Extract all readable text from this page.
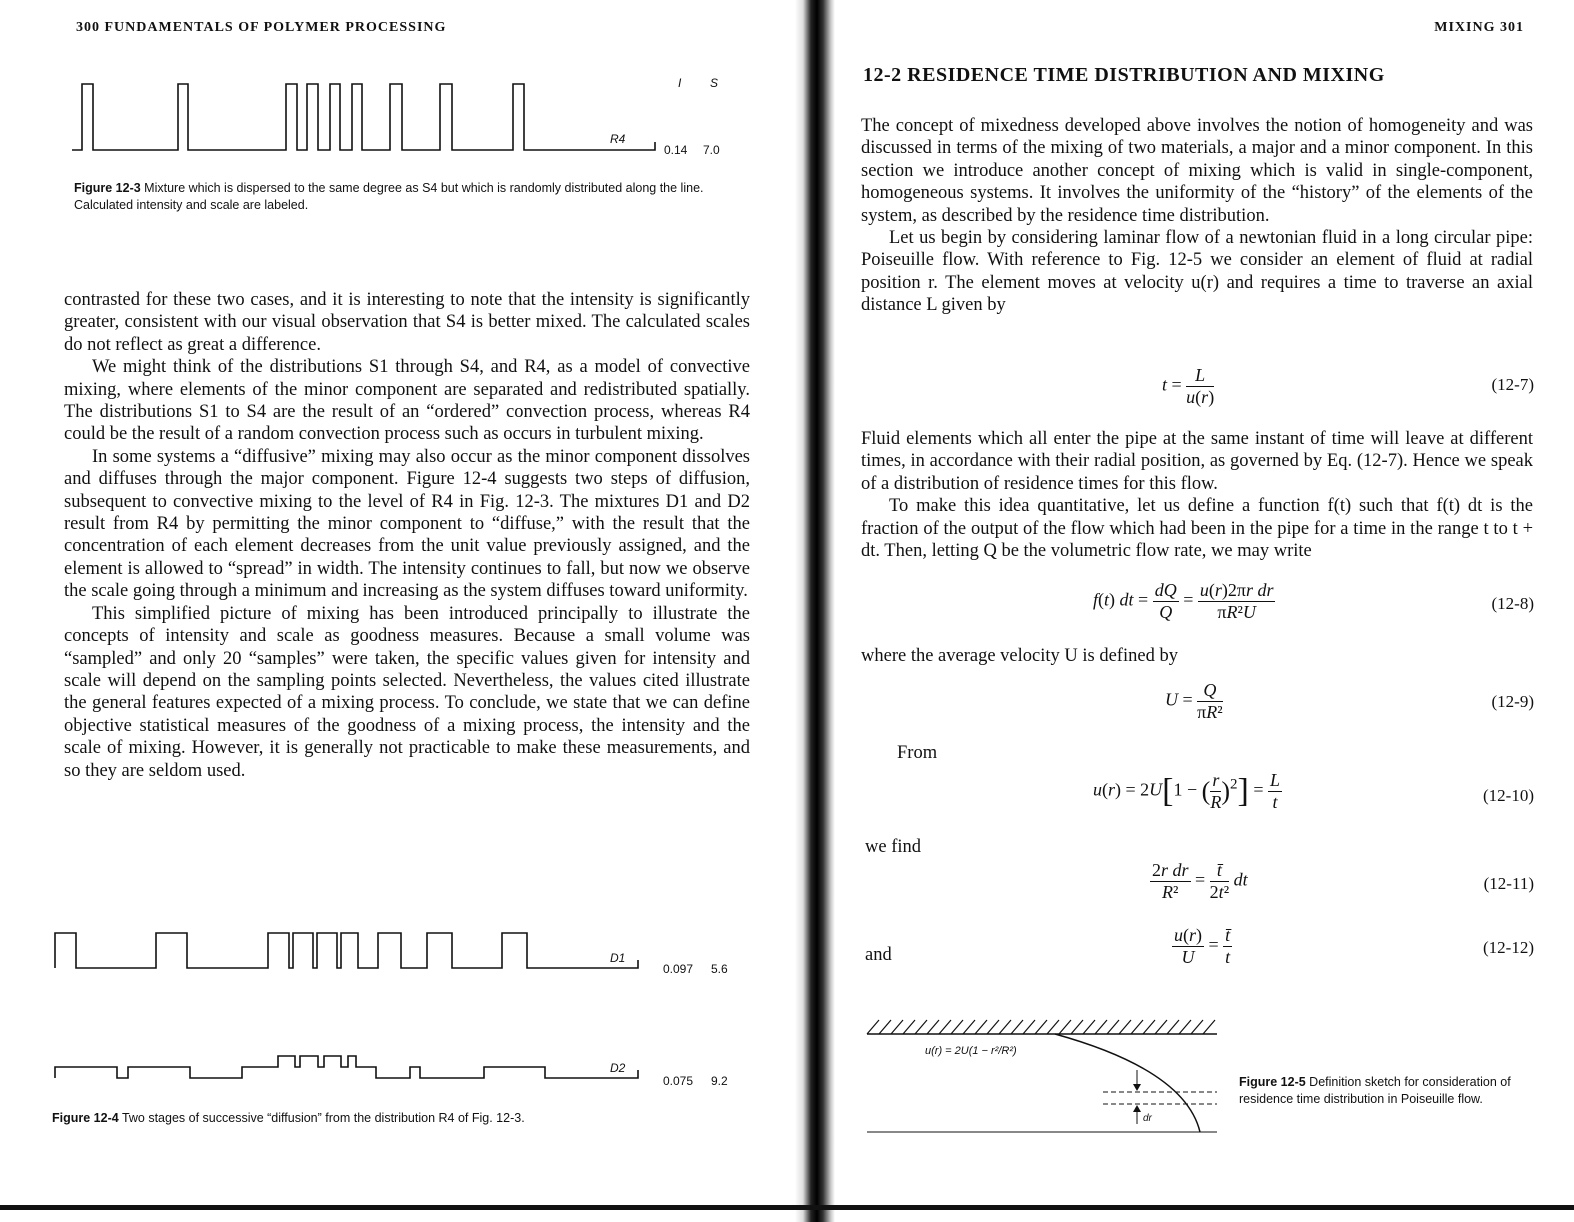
300 FUNDAMENTALS OF POLYMER PROCESSING
I S
R4
0.14 7.0
Figure 12-3 Mixture which is dispersed to the same degree as S4 but which is randomly distributed along the line. Calculated intensity and scale are labeled.

contrasted for these two cases, and it is interesting to note that the intensity is significantly greater, consistent with our visual observation that S4 is better mixed. The calculated scales do not reflect as great a difference.

We might think of the distributions S1 through S4, and R4, as a model of convective mixing, where elements of the minor component are separated and redistributed spatially. The distributions S1 to S4 are the result of an “ordered” convection process, whereas R4 could be the result of a random convection process such as occurs in turbulent mixing.

In some systems a “diffusive” mixing may also occur as the minor component dissolves and diffuses through the major component. Figure 12-4 suggests two steps of diffusion, subsequent to convective mixing to the level of R4 in Fig. 12-3. The mixtures D1 and D2 result from R4 by permitting the minor component to “diffuse,” with the result that the concentration of each element decreases from the unit value previously assigned, and the element is allowed to “spread” in width. The intensity continues to fall, but now we observe the scale going through a minimum and increasing as the system diffuses toward uniformity.

This simplified picture of mixing has been introduced principally to illustrate the concepts of intensity and scale as goodness measures. Because a small volume was “sampled” and only 20 “samples” were taken, the specific values given for intensity and scale will depend on the sampling points selected. Nevertheless, the values cited illustrate the general features expected of a mixing process. To conclude, we state that we can define objective statistical measures of the goodness of a mixing process, the intensity and the scale of mixing. However, it is generally not practicable to make these measurements, and so they are seldom used.

D1
0.097 5.6
D2
0.075 9.2
Figure 12-4 Two stages of successive “diffusion” from the distribution R4 of Fig. 12-3.
MIXING 301
12-2 RESIDENCE TIME DISTRIBUTION AND MIXING

The concept of mixedness developed above involves the notion of homogeneity and was discussed in terms of the mixing of two materials, a major and a minor component. In this section we introduce another concept of mixing which is valid in single-component, homogeneous systems. It involves the uniformity of the “history” of the elements of the system, as described by the residence time distribution.

Let us begin by considering laminar flow of a newtonian fluid in a long circular pipe: Poiseuille flow. With reference to Fig. 12-5 we consider an element of fluid at radial position r. The element moves at velocity u(r) and requires a time to traverse an axial distance L given by

$t = \frac{L}{u(r)}$	(12-7)

Fluid elements which all enter the pipe at the same instant of time will leave at different times, in accordance with their radial position, as governed by Eq. (12-7). Hence we speak of a distribution of residence times for this flow.

To make this idea quantitative, let us define a function f(t) such that f(t) dt is the fraction of the output of the flow which had been in the pipe for a time in the range t to t + dt. Then, letting Q be the volumetric flow rate, we may write

f(t) dt = $\frac{dQ}{Q} = \frac{\text{u(r)2πr dr}}{\text{πR²U}}$	(12-8)

where the average velocity U is defined by

$U = \frac{Q}{\text{πR²}}$	(12-9)
From
u(r) = 2U[1 − ( $\frac{r}{R} )^2] = \frac{L}{t}$	(12-10)
we find
$\frac{\text{2r dr}}{\text{R²}} = \frac{t̄}{\text{2t²}}$ dt	(12-11)
and	$\frac{u(r)}{U} = \frac{t̄}{t}$	(12-12)
u(r) = 2U(1 − r²/R²)
dr
Figure 12-5 Definition sketch for consideration of residence time distribution in Poiseuille flow.
